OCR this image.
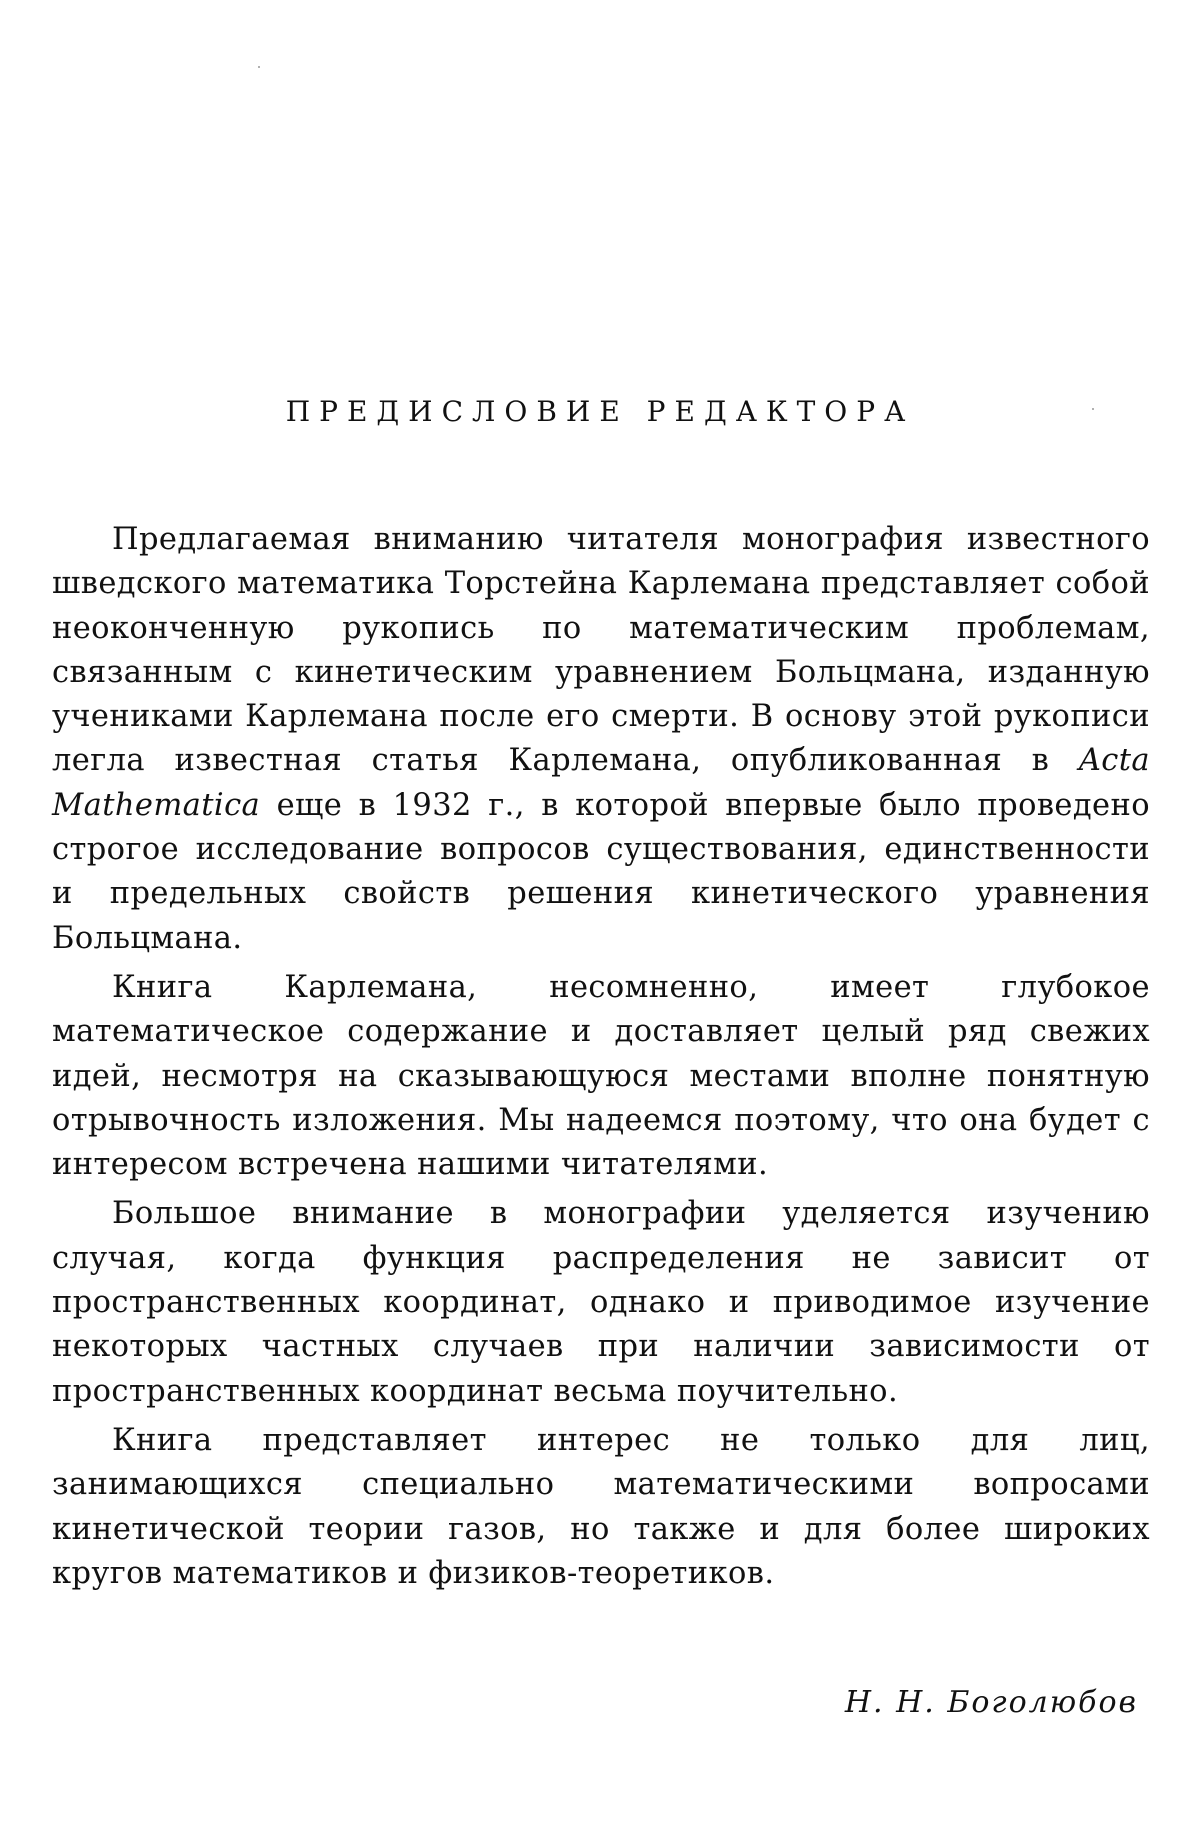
ПРЕДИСЛОВИЕ РЕДАКТОРА

Предлагаемая вниманию читателя монография известного шведского математика Торстейна Карлемана представляет собой неоконченную рукопись по математическим проблемам, связанным с кинетическим уравнением Больцмана, изданную учениками Карлемана после его смерти. В основу этой рукописи легла известная статья Карлемана, опубликованная в Acta Mathematica еще в 1932 г., в которой впервые было проведено строгое исследование вопросов существования, единственности и предельных свойств решения кинетического уравнения Больцмана.

Книга Карлемана, несомненно, имеет глубокое математическое содержание и доставляет целый ряд свежих идей, несмотря на сказывающуюся местами вполне понятную отрывочность изложения. Мы надеемся поэтому, что она будет с интересом встречена нашими читателями.

Большое внимание в монографии уделяется изучению случая, когда функция распределения не зависит от пространственных координат, однако и приводимое изучение некоторых частных случаев при наличии зависимости от пространственных координат весьма поучительно.

Книга представляет интерес не только для лиц, занимающихся специально математическими вопросами кинетической теории газов, но также и для более широких кругов математиков и физиков-теоретиков.

Н. Н. Боголюбов
